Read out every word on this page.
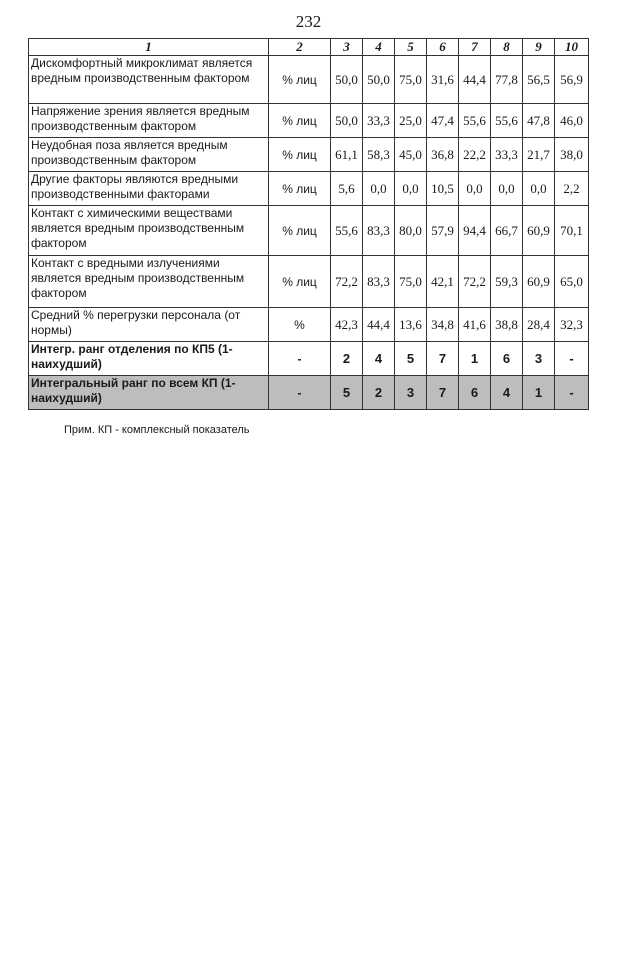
232
1	2	3	4	5	6	7	8	9	10
Дискомфортный микроклимат является вредным производственным фактором	% лиц	50,0	50,0	75,0	31,6	44,4	77,8	56,5	56,9
Напряжение зрения является вредным производственным фактором	% лиц	50,0	33,3	25,0	47,4	55,6	55,6	47,8	46,0
Неудобная поза является вредным производственным фактором	% лиц	61,1	58,3	45,0	36,8	22,2	33,3	21,7	38,0
Другие факторы являются вредными производственными факторами	% лиц	5,6	0,0	0,0	10,5	0,0	0,0	0,0	2,2
Контакт с химическими веществами является вредным производственным фактором	% лиц	55,6	83,3	80,0	57,9	94,4	66,7	60,9	70,1
Контакт с вредными излучениями является вредным производственным фактором	% лиц	72,2	83,3	75,0	42,1	72,2	59,3	60,9	65,0
Средний % перегрузки персонала (от нормы)	%	42,3	44,4	13,6	34,8	41,6	38,8	28,4	32,3
Интегр. ранг отделения по КП5 (1-наихудший)	-	2	4	5	7	1	6	3	-
Интегральный ранг по всем КП (1-наихудший)	-	5	2	3	7	6	4	1	-
Прим. КП - комплексный показатель
